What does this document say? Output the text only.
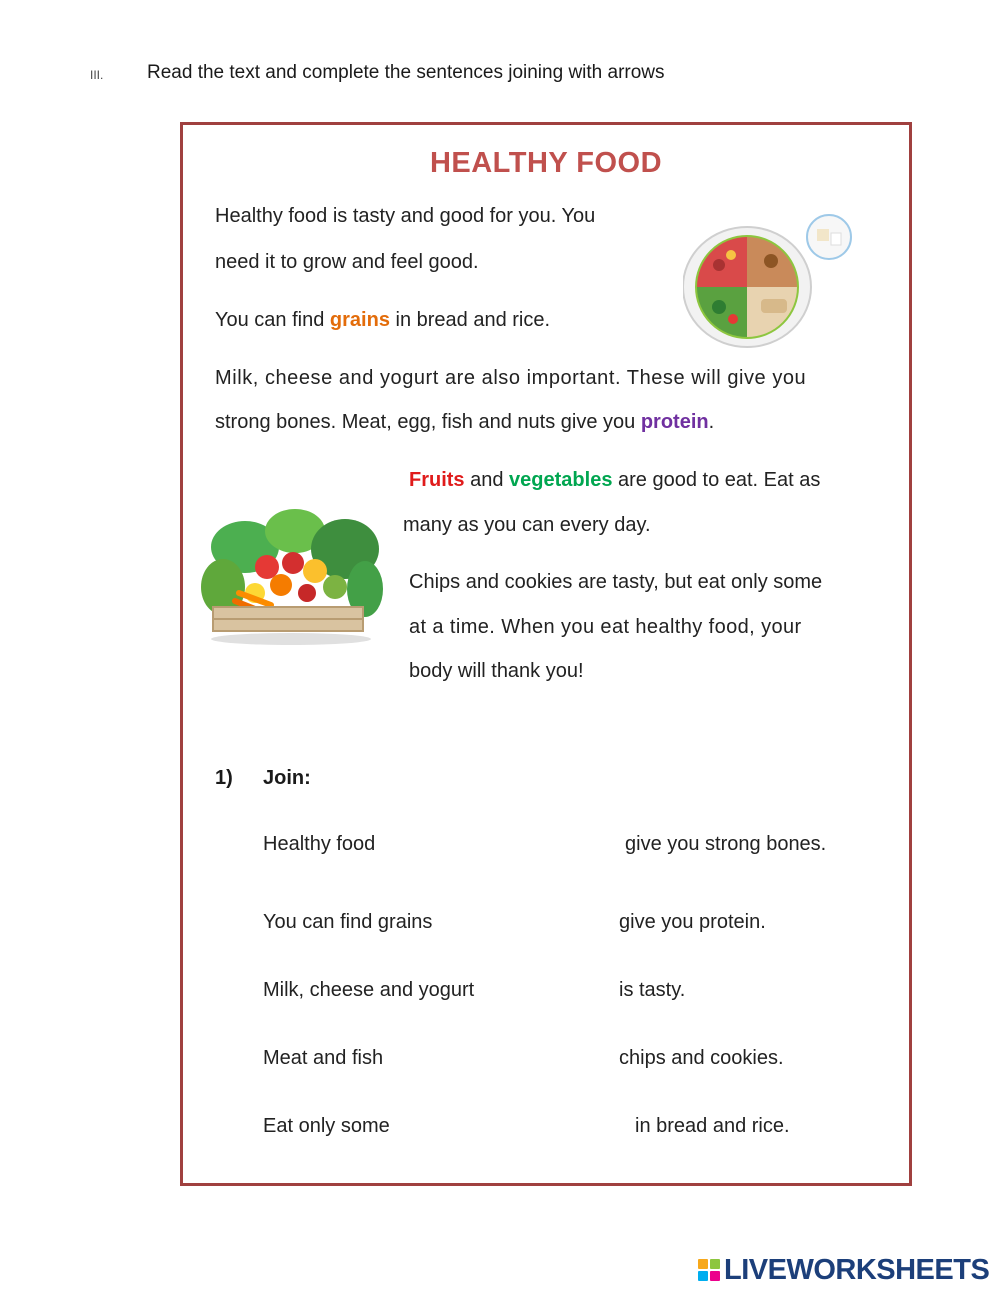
III. Read the text and complete the sentences joining with arrows
HEALTHY FOOD
Healthy food is tasty and good for you. You
need it to grow and feel good.
You can find grains in bread and rice.
Milk, cheese and yogurt are also important. These will give you
strong bones. Meat, egg, fish and nuts give you protein.
Fruits and vegetables are good to eat. Eat as
many as you can every day.
Chips and cookies are tasty, but eat only some
at a time. When you eat healthy food, your
body will thank you!
1) Join:
Healthy food
You can find grains
Milk, cheese and yogurt
Meat and fish
Eat only some
give you strong bones.
give you protein.
is tasty.
chips and cookies.
in bread and rice.
LIVEWORKSHEETS
